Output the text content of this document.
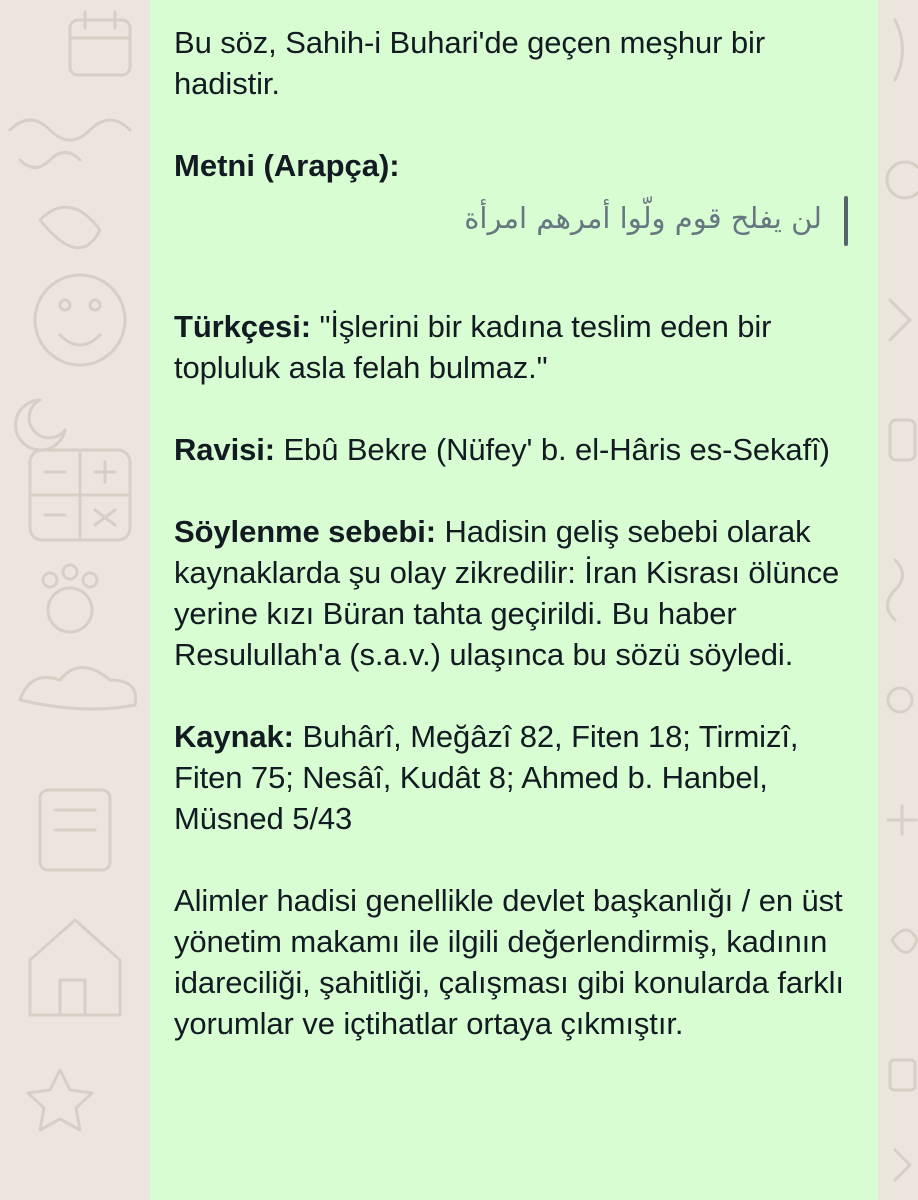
Bu söz, Sahih-i Buhari'de geçen meşhur bir hadistir.

Metni (Arapça):

لن يفلح قوم ولّوا أمرهم امرأة

Türkçesi: "İşlerini bir kadına teslim eden bir topluluk asla felah bulmaz."

Ravisi: Ebû Bekre (Nüfey' b. el-Hâris es-Sekafî)

Söylenme sebebi: Hadisin geliş sebebi olarak kaynaklarda şu olay zikredilir: İran Kisrası ölünce yerine kızı Büran tahta geçirildi. Bu haber Resulullah'a (s.a.v.) ulaşınca bu sözü söyledi.

Kaynak: Buhârî, Meğâzî 82, Fiten 18; Tirmizî, Fiten 75; Nesâî, Kudât 8; Ahmed b. Hanbel, Müsned 5/43

Alimler hadisi genellikle devlet başkanlığı / en üst yönetim makamı ile ilgili değerlendirmiş, kadının idareciliği, şahitliği, çalışması gibi konularda farklı yorumlar ve içtihatlar ortaya çıkmıştır.
